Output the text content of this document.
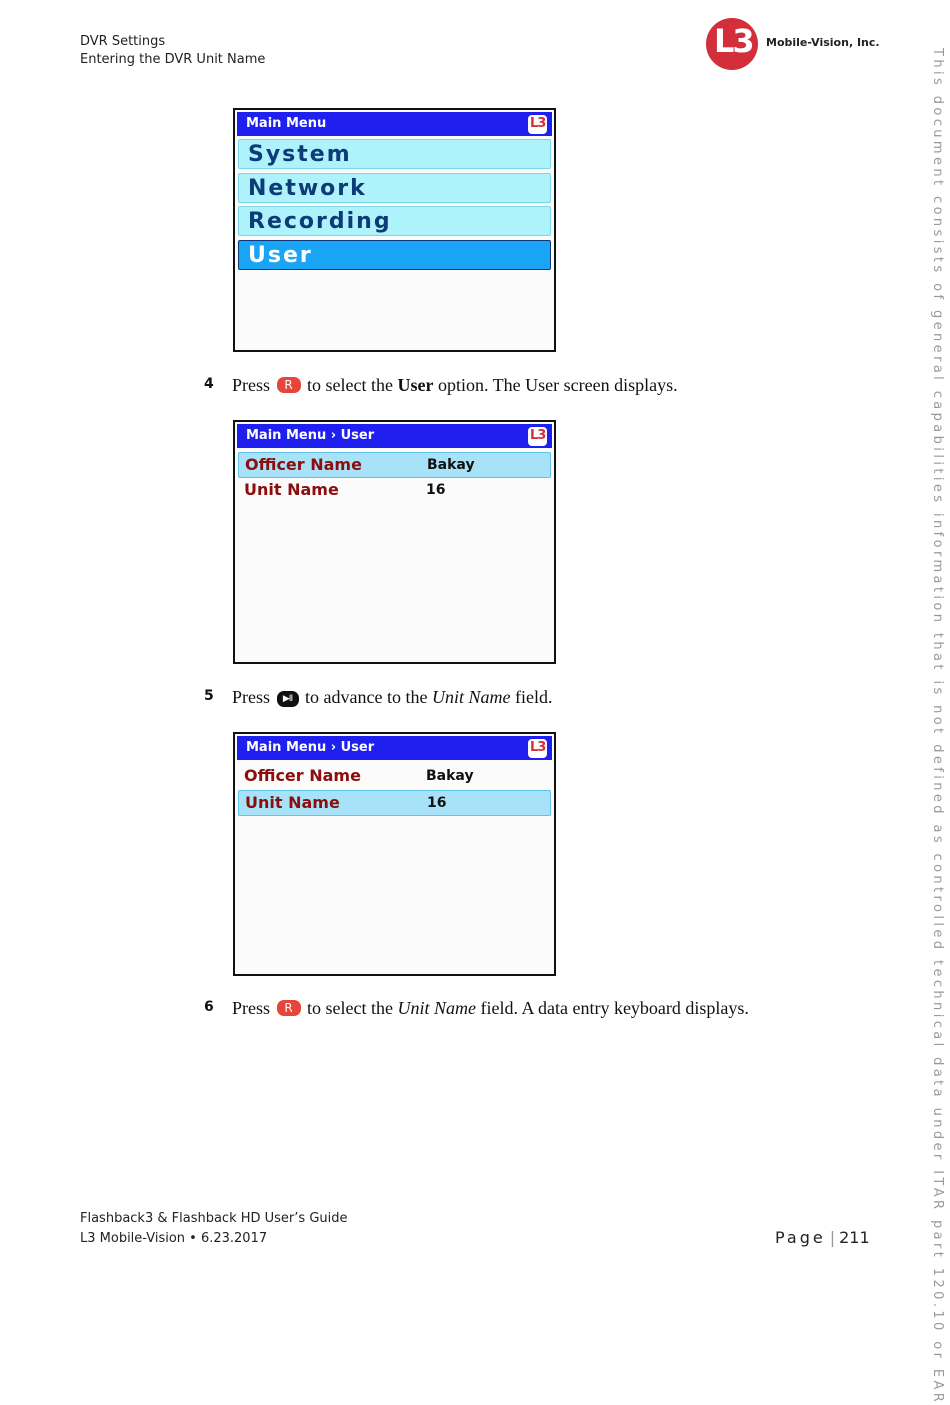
DVR Settings
Entering the DVR Unit Name	L3 Mobile-Vision, Inc.
This document consists of general capabilities information that is not defined as controlled technical data under ITAR part 120.10 or EAR
Main Menu	L3
System
Network
Recording
User
4 Press R to select the User option. The User screen displays.
Main Menu › User	L3
Officer Name	Bakay
Unit Name	16
5 Press ▶II to advance to the Unit Name field.
Main Menu › User	L3
Officer Name	Bakay
Unit Name	16
6 Press R to select the Unit Name field. A data entry keyboard displays.
Flashback3 & Flashback HD User’s Guide
L3 Mobile-Vision • 6.23.2017	Page | 211
